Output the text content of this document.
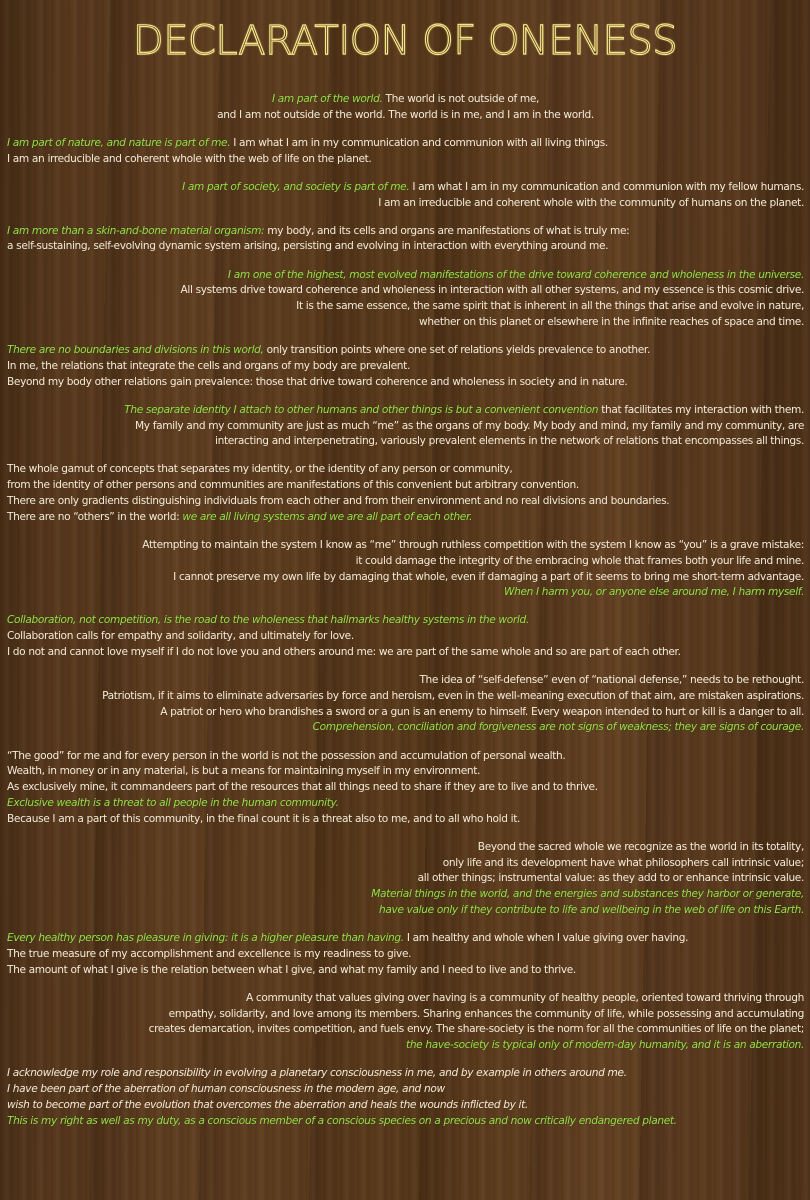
DECLARATION OF ONENESS
I am part of the world. The world is not outside of me,
and I am not outside of the world. The world is in me, and I am in the world.
I am part of nature, and nature is part of me. I am what I am in my communication and communion with all living things.
I am an irreducible and coherent whole with the web of life on the planet.
I am part of society, and society is part of me. I am what I am in my communication and communion with my fellow humans.
I am an irreducible and coherent whole with the community of humans on the planet.
I am more than a skin-and-bone material organism: my body, and its cells and organs are manifestations of what is truly me:
a self-sustaining, self-evolving dynamic system arising, persisting and evolving in interaction with everything around me.
I am one of the highest, most evolved manifestations of the drive toward coherence and wholeness in the universe.
All systems drive toward coherence and wholeness in interaction with all other systems, and my essence is this cosmic drive.
It is the same essence, the same spirit that is inherent in all the things that arise and evolve in nature,
whether on this planet or elsewhere in the infinite reaches of space and time.
There are no boundaries and divisions in this world, only transition points where one set of relations yields prevalence to another.
In me, the relations that integrate the cells and organs of my body are prevalent.
Beyond my body other relations gain prevalence: those that drive toward coherence and wholeness in society and in nature.
The separate identity I attach to other humans and other things is but a convenient convention that facilitates my interaction with them.
My family and my community are just as much “me” as the organs of my body. My body and mind, my family and my community, are
interacting and interpenetrating, variously prevalent elements in the network of relations that encompasses all things.
The whole gamut of concepts that separates my identity, or the identity of any person or community,
from the identity of other persons and communities are manifestations of this convenient but arbitrary convention.
There are only gradients distinguishing individuals from each other and from their environment and no real divisions and boundaries.
There are no “others” in the world: we are all living systems and we are all part of each other.
Attempting to maintain the system I know as “me” through ruthless competition with the system I know as “you” is a grave mistake:
it could damage the integrity of the embracing whole that frames both your life and mine.
I cannot preserve my own life by damaging that whole, even if damaging a part of it seems to bring me short-term advantage.
When I harm you, or anyone else around me, I harm myself.
Collaboration, not competition, is the road to the wholeness that hallmarks healthy systems in the world.
Collaboration calls for empathy and solidarity, and ultimately for love.
I do not and cannot love myself if I do not love you and others around me: we are part of the same whole and so are part of each other.
The idea of “self-defense” even of “national defense,” needs to be rethought.
Patriotism, if it aims to eliminate adversaries by force and heroism, even in the well-meaning execution of that aim, are mistaken aspirations.
A patriot or hero who brandishes a sword or a gun is an enemy to himself. Every weapon intended to hurt or kill is a danger to all.
Comprehension, conciliation and forgiveness are not signs of weakness; they are signs of courage.
“The good” for me and for every person in the world is not the possession and accumulation of personal wealth.
Wealth, in money or in any material, is but a means for maintaining myself in my environment.
As exclusively mine, it commandeers part of the resources that all things need to share if they are to live and to thrive.
Exclusive wealth is a threat to all people in the human community.
Because I am a part of this community, in the final count it is a threat also to me, and to all who hold it.
Beyond the sacred whole we recognize as the world in its totality,
only life and its development have what philosophers call intrinsic value;
all other things; instrumental value: as they add to or enhance intrinsic value.
Material things in the world, and the energies and substances they harbor or generate,
have value only if they contribute to life and wellbeing in the web of life on this Earth.
Every healthy person has pleasure in giving: it is a higher pleasure than having. I am healthy and whole when I value giving over having.
The true measure of my accomplishment and excellence is my readiness to give.
The amount of what I give is the relation between what I give, and what my family and I need to live and to thrive.
A community that values giving over having is a community of healthy people, oriented toward thriving through
empathy, solidarity, and love among its members. Sharing enhances the community of life, while possessing and accumulating
creates demarcation, invites competition, and fuels envy. The share-society is the norm for all the communities of life on the planet;
the have-society is typical only of modern-day humanity, and it is an aberration.
I acknowledge my role and responsibility in evolving a planetary consciousness in me, and by example in others around me.
I have been part of the aberration of human consciousness in the modern age, and now
wish to become part of the evolution that overcomes the aberration and heals the wounds inflicted by it.
This is my right as well as my duty, as a conscious member of a conscious species on a precious and now critically endangered planet.
